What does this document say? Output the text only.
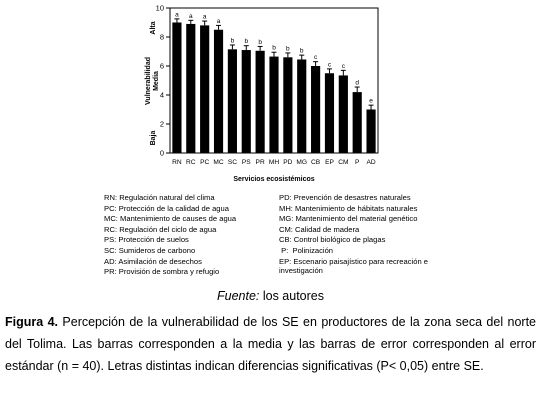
0
2
4
6
8
10
a
RN
a
RC
a
PC
a
MC
b
SC
b
PS
b
PR
b
MH
b
PD
b
MG
c
CB
c
EP
c
CM
d
P
e
AD
Servicios ecosistémicos
Vulnerabilidad Media
Alta
Baja
RN: Regulación natural del clima
PC: Protección de la calidad de agua
MC: Mantenimiento de causes de agua
RC: Regulación del ciclo de agua
PS: Protección de suelos
SC: Sumideros de carbono
AD: Asimilación de desechos
PR: Provisión de sombra y refugio
PD: Prevención de desastres naturales
MH: Mantenimiento de hábitats naturales
MG: Mantenimiento del material genético
CM: Calidad de madera
CB: Control biológico de plagas
P:  Polinización
EP: Escenario paisajístico para recreación e investigación
Fuente: los autores
Figura 4. Percepción de la vulnerabilidad de los SE en productores de la zona seca del norte del Tolima. Las barras corresponden a la media y las barras de error corresponden al error estándar (n = 40). Letras distintas indican diferencias significativas (P< 0,05) entre SE.
